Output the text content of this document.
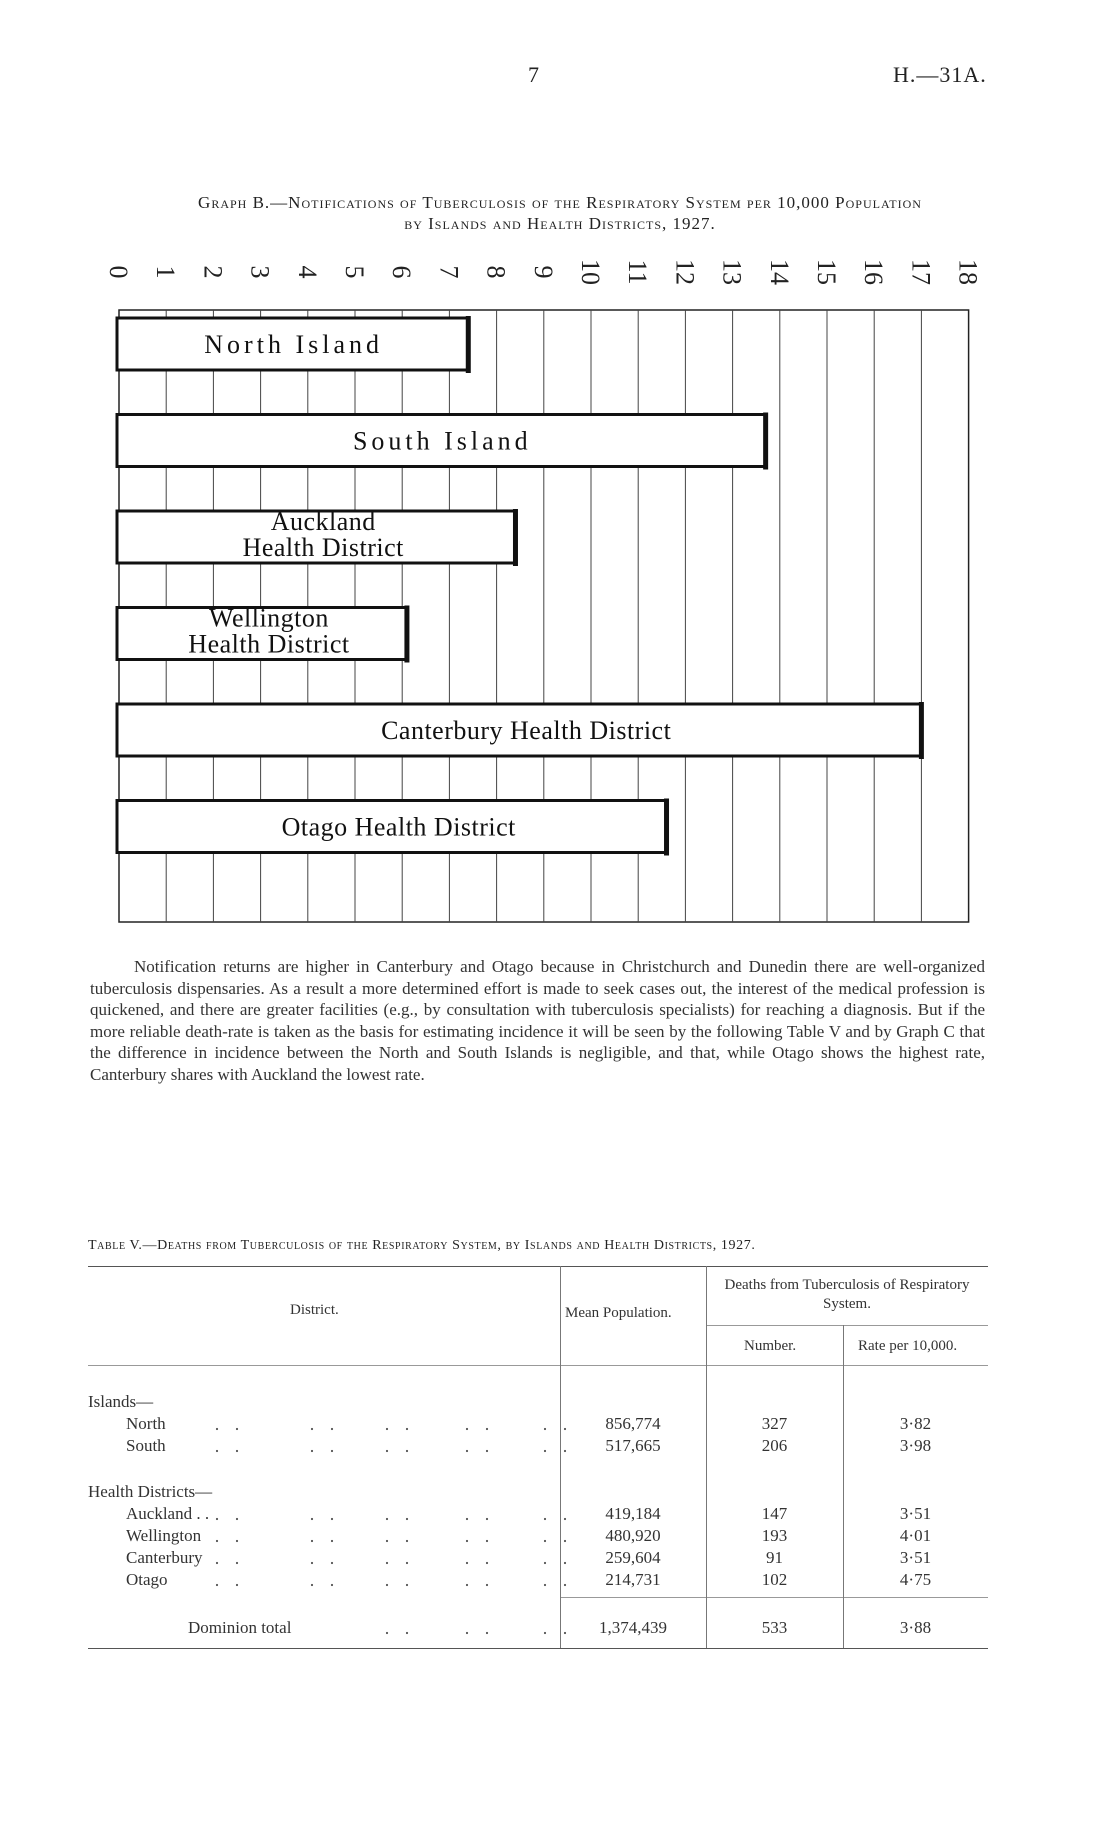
7	H.—31A.
Graph B.—Notifications of Tuberculosis of the Respiratory System per 10,000 Population
by Islands and Health Districts, 1927.
0 1 2 3 4 5 6 7 8 9 10 11 12 13 14 15 16 17 18
North Island
South Island
Auckland
Health District
Wellington
Health District
Canterbury Health District
Otago Health District
Notification returns are higher in Canterbury and Otago because in Christchurch and Dunedin there are well-organized tuberculosis dispensaries. As a result a more determined effort is made to seek cases out, the interest of the medical profession is quickened, and there are greater facilities (e.g., by consultation with tuberculosis specialists) for reaching a diagnosis. But if the more reliable death-rate is taken as the basis for estimating incidence it will be seen by the following Table V and by Graph C that the difference in incidence between the North and South Islands is negligible, and that, while Otago shows the highest rate, Canterbury shares with Auckland the lowest rate.
Table V.—Deaths from Tuberculosis of the Respiratory System, by Islands and Health Districts, 1927.
District.	Mean Population.
Deaths from Tuberculosis of Respiratory System.
Number.	Rate per 10,000.
Islands—
North	856,774	327	3·82
South	517,665	206	3·98
Health Districts—
Auckland . .	419,184	147	3·51
Wellington	480,920	193	4·01
Canterbury	259,604	91	3·51
Otago	214,731	102	4·75
Dominion total	1,374,439	533	3·88
